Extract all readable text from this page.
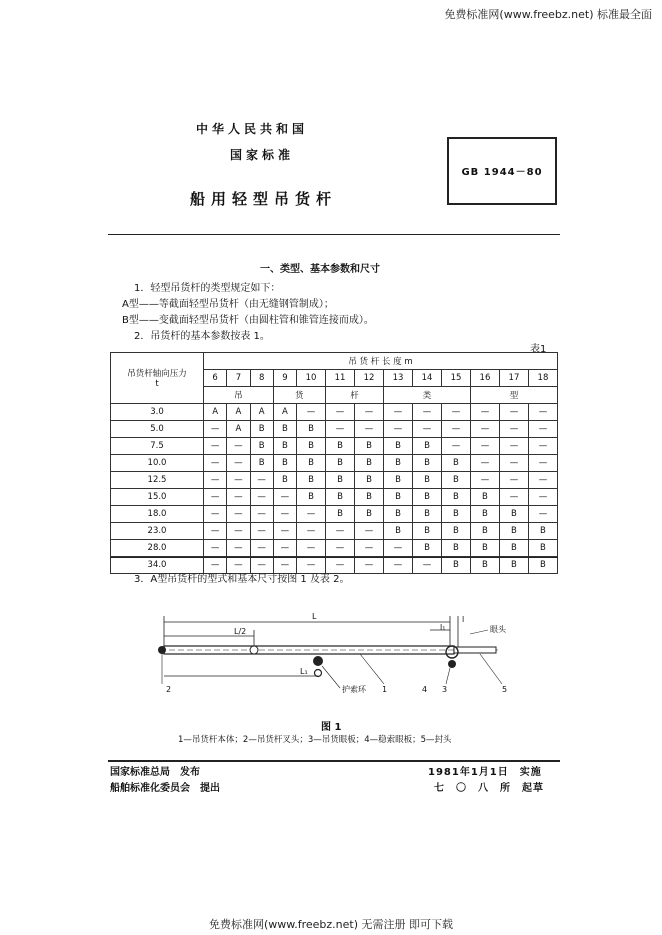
免费标准网(www.freebz.net) 标准最全面
中华人民共和国
国家标准
GB 1944－80
船用轻型吊货杆
一、类型、基本参数和尺寸
1．轻型吊货杆的类型规定如下：
A型——等截面轻型吊货杆（由无缝钢管制成）；
B型——变截面轻型吊货杆（由圆柱管和锥管连接而成）。
2．吊货杆的基本参数按表 1。
表1
吊货杆轴向压力
t	吊 货 杆 长 度 m												
	6	7	8	9	10	11	12	13	14	15	16	17	18
	吊			货		杆		类			型		
3.0	A	A	A	A	—	—	—	—	—	—	—	—	—
5.0	—	A	B	B	B	—	—	—	—	—	—	—	—
7.5	—	—	B	B	B	B	B	B	B	—	—	—	—
10.0	—	—	B	B	B	B	B	B	B	B	—	—	—
12.5	—	—	—	B	B	B	B	B	B	B	—	—	—
15.0	—	—	—	—	B	B	B	B	B	B	B	—	—
18.0	—	—	—	—	—	B	B	B	B	B	B	B	—
23.0	—	—	—	—	—	—	—	B	B	B	B	B	B
28.0	—	—	—	—	—	—	—	—	B	B	B	B	B
34.0	—	—	—	—	—	—	—	—	—	B	B	B	B
3．A型吊货杆的型式和基本尺寸按图 1 及表 2。
L
L/2	l₁
l
眼头
L₁
2	护索环 1	4 3	5
图 1
1—吊货杆本体；2—吊货杆叉头；3—吊货眼板；4—稳索眼板；5—封头
国家标准总局　发布
船舶标准化委员会　提出
1981年1月1日　实施
七　〇　八　所　起草
免费标准网(www.freebz.net) 无需注册 即可下载
